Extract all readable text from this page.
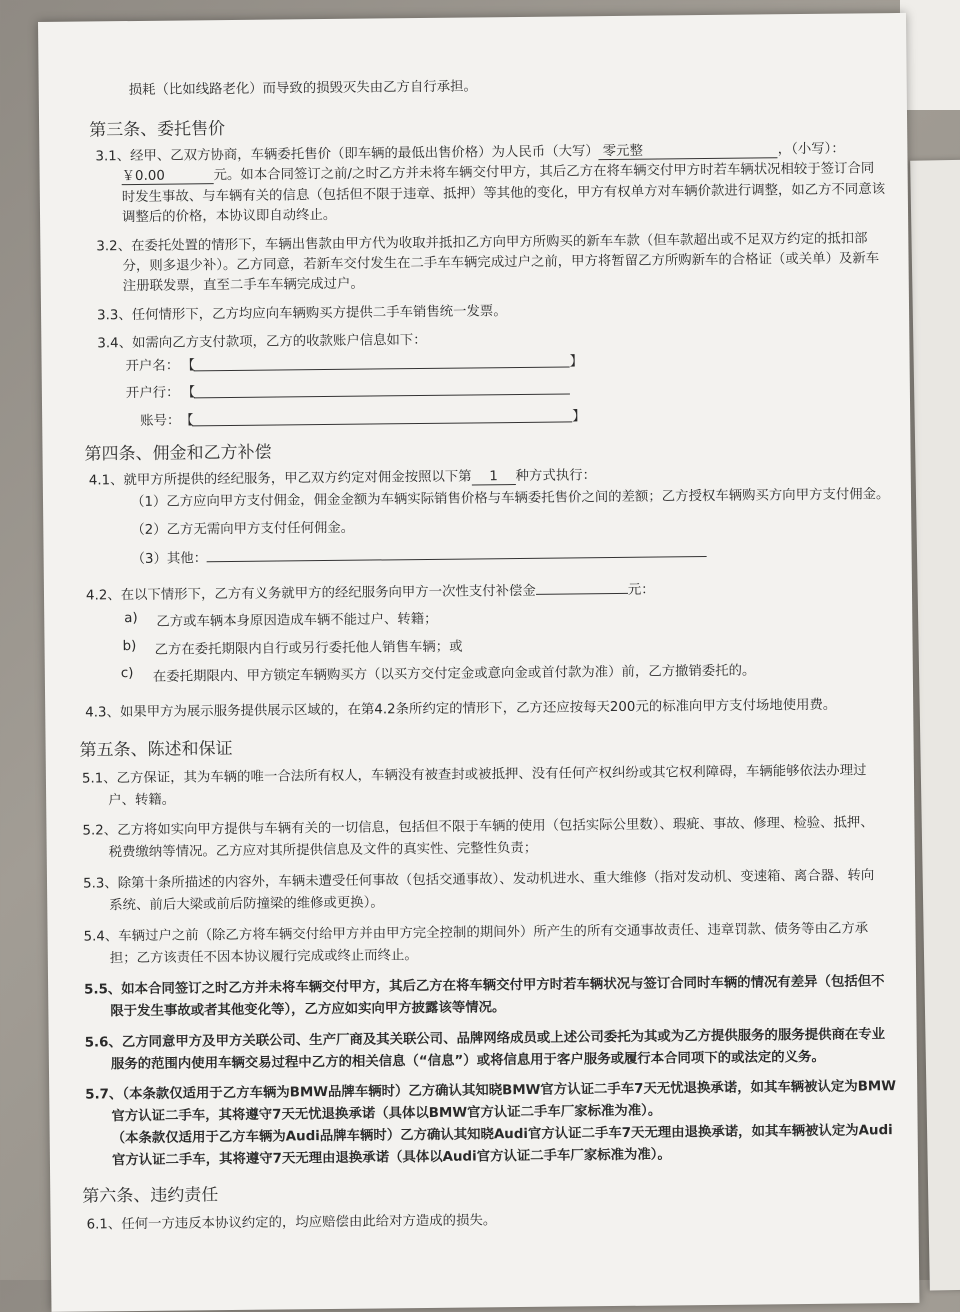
损耗（比如线路老化）而导致的损毁灭失由乙方自行承担。
第三条、委托售价
3.1、经甲、乙双方协商，车辆委托售价（即车辆的最低出售价格）为人民币（大写） 零元整	，（小写）：
￥0.00	元。如本合同签订之前/之时乙方并未将车辆交付甲方，其后乙方在将车辆交付甲方时若车辆状况相较于签订合同
时发生事故、与车辆有关的信息（包括但不限于违章、抵押）等其他的变化，甲方有权单方对车辆价款进行调整，如乙方不同意该
调整后的价格，本协议即自动终止。
3.2、在委托处置的情形下，车辆出售款由甲方代为收取并抵扣乙方向甲方所购买的新车车款（但车款超出或不足双方约定的抵扣部
分，则多退少补）。乙方同意，若新车交付发生在二手车车辆完成过户之前，甲方将暂留乙方所购新车的合格证（或关单）及新车
注册联发票，直至二手车车辆完成过户。
3.3、任何情形下，乙方均应向车辆购买方提供二手车销售统一发票。
3.4、如需向乙方支付款项，乙方的收款账户信息如下：
开户名： 【	】
开户行： 【
账号： 【	】
第四条、佣金和乙方补偿
4.1、就甲方所提供的经纪服务，甲乙双方约定对佣金按照以下第 1 种方式执行：
（1）乙方应向甲方支付佣金，佣金金额为车辆实际销售价格与车辆委托售价之间的差额；乙方授权车辆购买方向甲方支付佣金。
（2）乙方无需向甲方支付任何佣金。
（3）其他：
4.2、在以下情形下，乙方有义务就甲方的经纪服务向甲方一次性支付补偿金	元：
a) 乙方或车辆本身原因造成车辆不能过户、转籍；
b) 乙方在委托期限内自行或另行委托他人销售车辆；或
c) 在委托期限内、甲方锁定车辆购买方（以买方交付定金或意向金或首付款为准）前，乙方撤销委托的。
4.3、如果甲方为展示服务提供展示区域的，在第4.2条所约定的情形下，乙方还应按每天200元的标准向甲方支付场地使用费。
第五条、陈述和保证
5.1、乙方保证，其为车辆的唯一合法所有权人，车辆没有被查封或被抵押、没有任何产权纠纷或其它权利障碍，车辆能够依法办理过
户、转籍。
5.2、乙方将如实向甲方提供与车辆有关的一切信息，包括但不限于车辆的使用（包括实际公里数）、瑕疵、事故、修理、检验、抵押、
税费缴纳等情况。乙方应对其所提供信息及文件的真实性、完整性负责；
5.3、除第十条所描述的内容外，车辆未遭受任何事故（包括交通事故）、发动机进水、重大维修（指对发动机、变速箱、离合器、转向
系统、前后大梁或前后防撞梁的维修或更换）。
5.4、车辆过户之前（除乙方将车辆交付给甲方并由甲方完全控制的期间外）所产生的所有交通事故责任、违章罚款、债务等由乙方承
担；乙方该责任不因本协议履行完成或终止而终止。
5.5、如本合同签订之时乙方并未将车辆交付甲方，其后乙方在将车辆交付甲方时若车辆状况与签订合同时车辆的情况有差异（包括但不
限于发生事故或者其他变化等），乙方应如实向甲方披露该等情况。
5.6、乙方同意甲方及甲方关联公司、生产厂商及其关联公司、品牌网络成员或上述公司委托为其或为乙方提供服务的服务提供商在专业
服务的范围内使用车辆交易过程中乙方的相关信息（“信息”）或将信息用于客户服务或履行本合同项下的或法定的义务。
5.7、（本条款仅适用于乙方车辆为BMW品牌车辆时）乙方确认其知晓BMW官方认证二手车7天无忧退换承诺，如其车辆被认定为BMW
官方认证二手车，其将遵守7天无忧退换承诺（具体以BMW官方认证二手车厂家标准为准）。
（本条款仅适用于乙方车辆为Audi品牌车辆时）乙方确认其知晓Audi官方认证二手车7天无理由退换承诺，如其车辆被认定为Audi
官方认证二手车，其将遵守7天无理由退换承诺（具体以Audi官方认证二手车厂家标准为准）。
第六条、违约责任
6.1、任何一方违反本协议约定的，均应赔偿由此给对方造成的损失。
